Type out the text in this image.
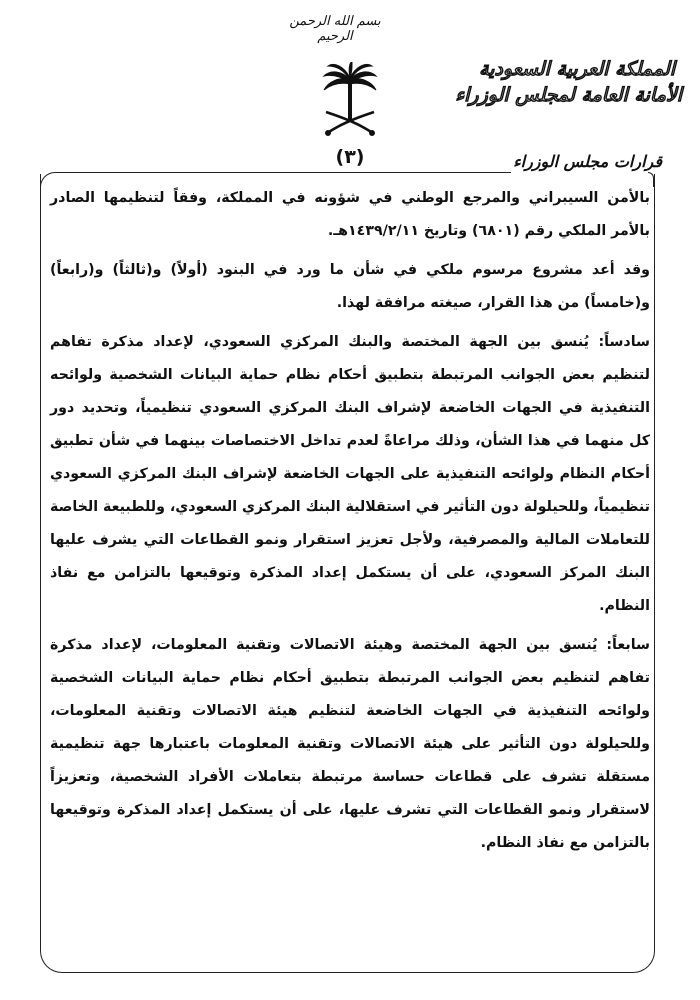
بسم الله الرحمن الرحيم
(٣)
المملكة العربية السعودية
الأمانة العامة لمجلس الوزراء
قرارات مجلس الوزراء

بالأمن السيبراني والمرجع الوطني في شؤونه في المملكة، وفقاً لتنظيمها الصادر بالأمر الملكي رقم (٦٨٠١) وتاريخ ١٤٣٩/٢/١١هـ.

وقد أعد مشروع مرسوم ملكي في شأن ما ورد في البنود (أولاً) و(ثالثاً) و(رابعاً) و(خامساً) من هذا القرار، صيغته مرافقة لهذا.

سادساً: يُنسق بين الجهة المختصة والبنك المركزي السعودي، لإعداد مذكرة تفاهم لتنظيم بعض الجوانب المرتبطة بتطبيق أحكام نظام حماية البيانات الشخصية ولوائحه التنفيذية في الجهات الخاضعة لإشراف البنك المركزي السعودي تنظيمياً، وتحديد دور كل منهما في هذا الشأن، وذلك مراعاةً لعدم تداخل الاختصاصات بينهما في شأن تطبيق أحكام النظام ولوائحه التنفيذية على الجهات الخاضعة لإشراف البنك المركزي السعودي تنظيمياً، وللحيلولة دون التأثير في استقلالية البنك المركزي السعودي، وللطبيعة الخاصة للتعاملات المالية والمصرفية، ولأجل تعزيز استقرار ونمو القطاعات التي يشرف عليها البنك المركز السعودي، على أن يستكمل إعداد المذكرة وتوقيعها بالتزامن مع نفاذ النظام.

سابعاً: يُنسق بين الجهة المختصة وهيئة الاتصالات وتقنية المعلومات، لإعداد مذكرة تفاهم لتنظيم بعض الجوانب المرتبطة بتطبيق أحكام نظام حماية البيانات الشخصية ولوائحه التنفيذية في الجهات الخاضعة لتنظيم هيئة الاتصالات وتقنية المعلومات، وللحيلولة دون التأثير على هيئة الاتصالات وتقنية المعلومات باعتبارها جهة تنظيمية مستقلة تشرف على قطاعات حساسة مرتبطة بتعاملات الأفراد الشخصية، وتعزيزاً لاستقرار ونمو القطاعات التي تشرف عليها، على أن يستكمل إعداد المذكرة وتوقيعها بالتزامن مع نفاذ النظام.
